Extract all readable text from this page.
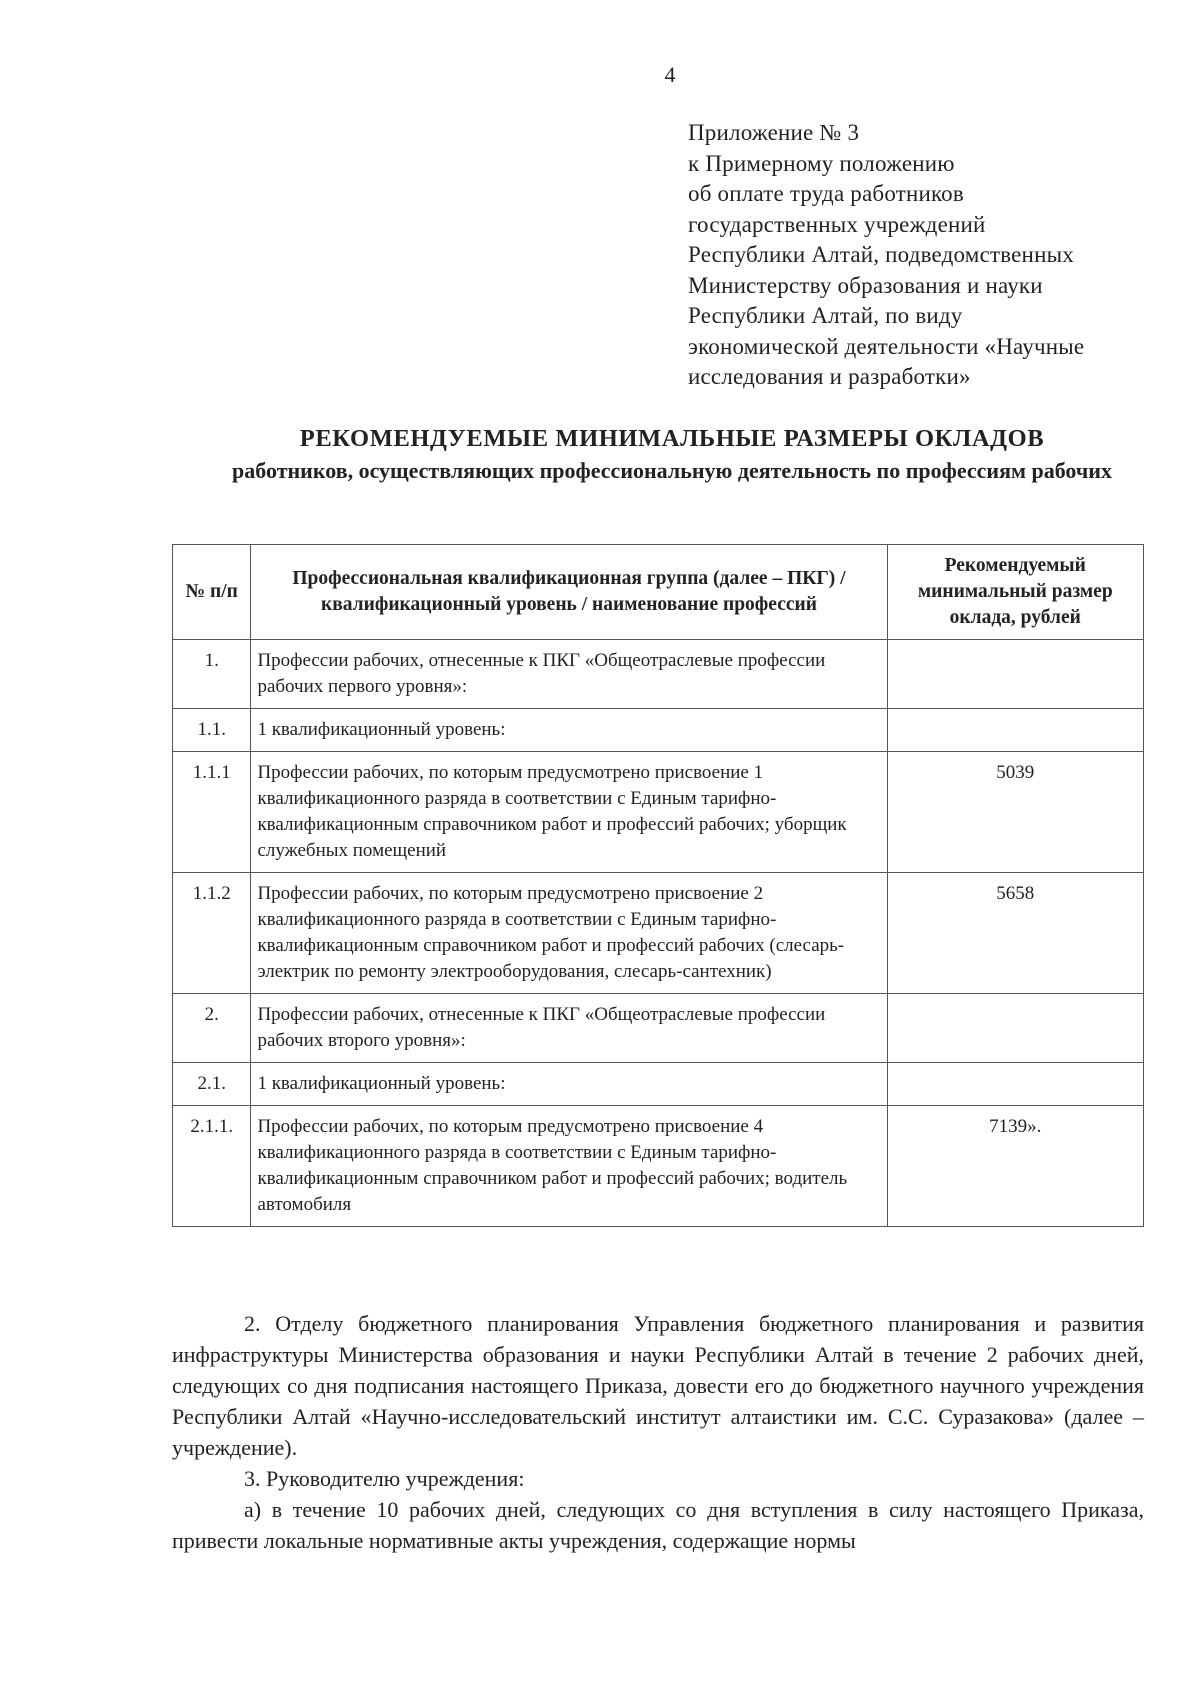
4
Приложение № 3
к Примерному положению
об оплате труда работников
государственных учреждений
Республики Алтай, подведомственных
Министерству образования и науки
Республики Алтай, по виду
экономической деятельности «Научные
исследования и разработки»
РЕКОМЕНДУЕМЫЕ МИНИМАЛЬНЫЕ РАЗМЕРЫ ОКЛАДОВ
работников, осуществляющих профессиональную деятельность по профессиям рабочих
№ п/п	Профессиональная квалификационная группа (далее – ПКГ) / квалификационный уровень / наименование профессий	Рекомендуемый минимальный размер оклада, рублей
1.	Профессии рабочих, отнесенные к ПКГ «Общеотраслевые профессии рабочих первого уровня»:	
1.1.	1 квалификационный уровень:	
1.1.1	Профессии рабочих, по которым предусмотрено присвоение 1 квалификационного разряда в соответствии с Единым тарифно-квалификационным справочником работ и профессий рабочих; уборщик служебных помещений	5039
1.1.2	Профессии рабочих, по которым предусмотрено присвоение 2 квалификационного разряда в соответствии с Единым тарифно-квалификационным справочником работ и профессий рабочих (слесарь-электрик по ремонту электрооборудования, слесарь-сантехник)	5658
2.	Профессии рабочих, отнесенные к ПКГ «Общеотраслевые профессии рабочих второго уровня»:	
2.1.	1 квалификационный уровень:	
2.1.1.	Профессии рабочих, по которым предусмотрено присвоение 4 квалификационного разряда в соответствии с Единым тарифно-квалификационным справочником работ и профессий рабочих; водитель автомобиля	7139».

2. Отделу бюджетного планирования Управления бюджетного планирования и развития инфраструктуры Министерства образования и науки Республики Алтай в течение 2 рабочих дней, следующих со дня подписания настоящего Приказа, довести его до бюджетного научного учреждения Республики Алтай «Научно-исследовательский институт алтаистики им. С.С. Суразакова» (далее – учреждение).

3. Руководителю учреждения:

а) в течение 10 рабочих дней, следующих со дня вступления в силу настоящего Приказа, привести локальные нормативные акты учреждения, содержащие нормы
